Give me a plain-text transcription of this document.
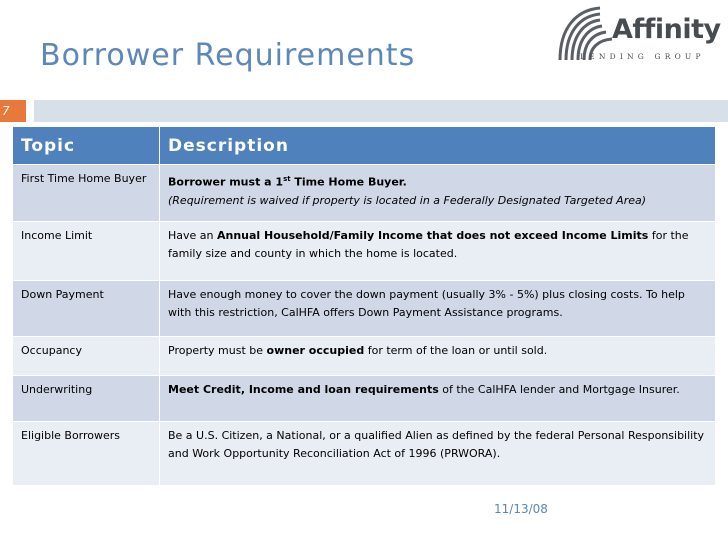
Borrower Requirements
Affinity
LENDING GROUP
7
Topic	Description
First Time Home Buyer	Borrower must a 1st Time Home Buyer.
(Requirement is waived if property is located in a Federally Designated Targeted Area)
Income Limit	Have an Annual Household/Family Income that does not exceed Income Limits for the family size and county in which the home is located.
Down Payment	Have enough money to cover the down payment (usually 3% - 5%) plus closing costs. To help with this restriction, CalHFA offers Down Payment Assistance programs.
Occupancy	Property must be owner occupied for term of the loan or until sold.
Underwriting	Meet Credit, Income and loan requirements of the CalHFA lender and Mortgage Insurer.
Eligible Borrowers	Be a U.S. Citizen, a National, or a qualified Alien as defined by the federal Personal Responsibility and Work Opportunity Reconciliation Act of 1996 (PRWORA).
11/13/08
